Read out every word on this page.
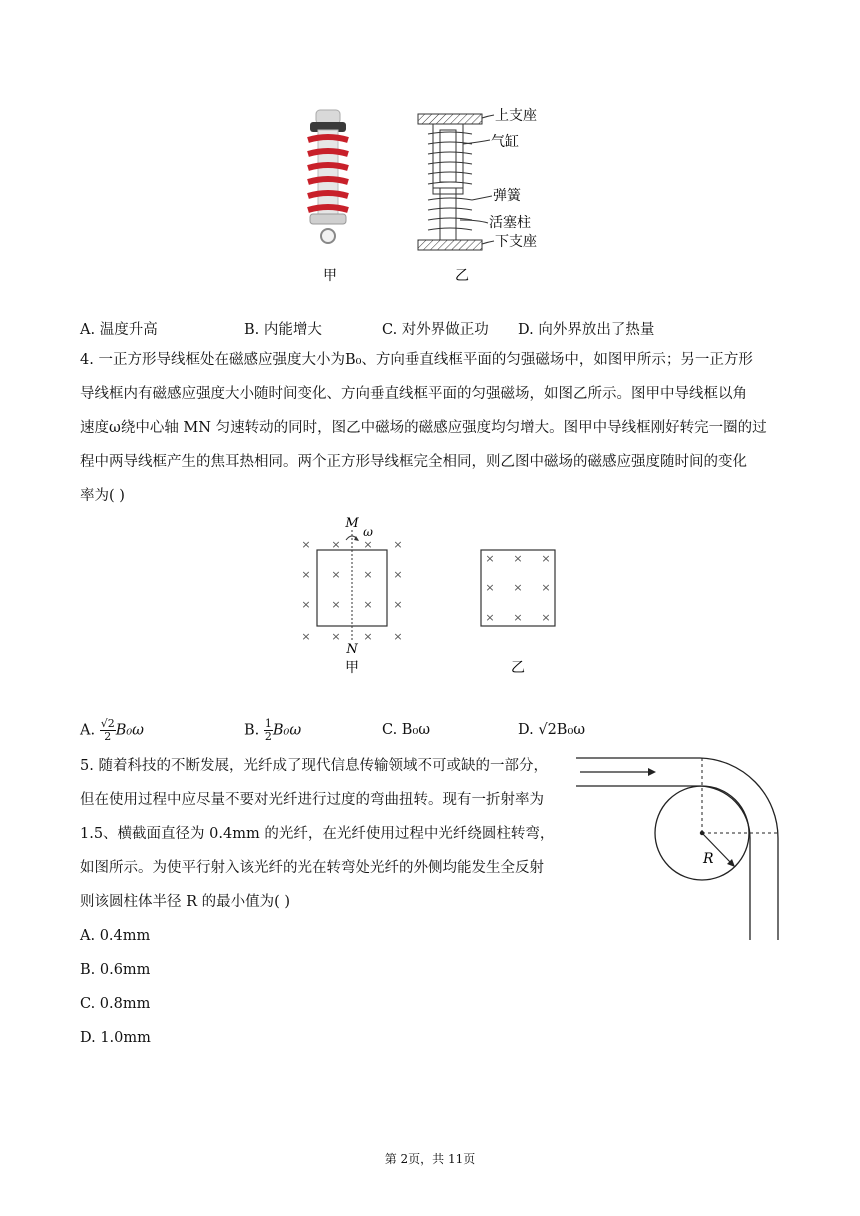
甲
上支座
气缸
弹簧
活塞柱
下支座
乙
A. 温度升高	B. 内能增大	C. 对外界做正功 D. 向外界放出了热量
4. 一正方形导线框处在磁感应强度大小为B₀、方向垂直线框平面的匀强磁场中，如图甲所示；另一正方形
导线框内有磁感应强度大小随时间变化、方向垂直线框平面的匀强磁场，如图乙所示。图甲中导线框以角
速度ω绕中心轴 MN 匀速转动的同时，图乙中磁场的磁感应强度均匀增大。图甲中导线框刚好转完一圈的过
程中两导线框产生的焦耳热相同。两个正方形导线框完全相同，则乙图中磁场的磁感应强度随时间的变化
率为( )
×	×
×	×
×	×
×	×
× ×
× ×
× ×
× ×
× × ×
× × ×
× × ×
M
ω
N
甲	乙
A. $\frac{√2}{2} B_0\omega$	B. $\frac{1}{2} B_0\omega$	C. B₀ω	D. √2B₀ω
5. 随着科技的不断发展，光纤成了现代信息传输领域不可或缺的一部分，
但在使用过程中应尽量不要对光纤进行过度的弯曲扭转。现有一折射率为
1.5、横截面直径为 0.4mm 的光纤，在光纤使用过程中光纤绕圆柱转弯，
如图所示。为使平行射入该光纤的光在转弯处光纤的外侧均能发生全反射
则该圆柱体半径 R 的最小值为( )
R
A. 0.4mm
B. 0.6mm
C. 0.8mm
D. 1.0mm
第 2页，共 11页
